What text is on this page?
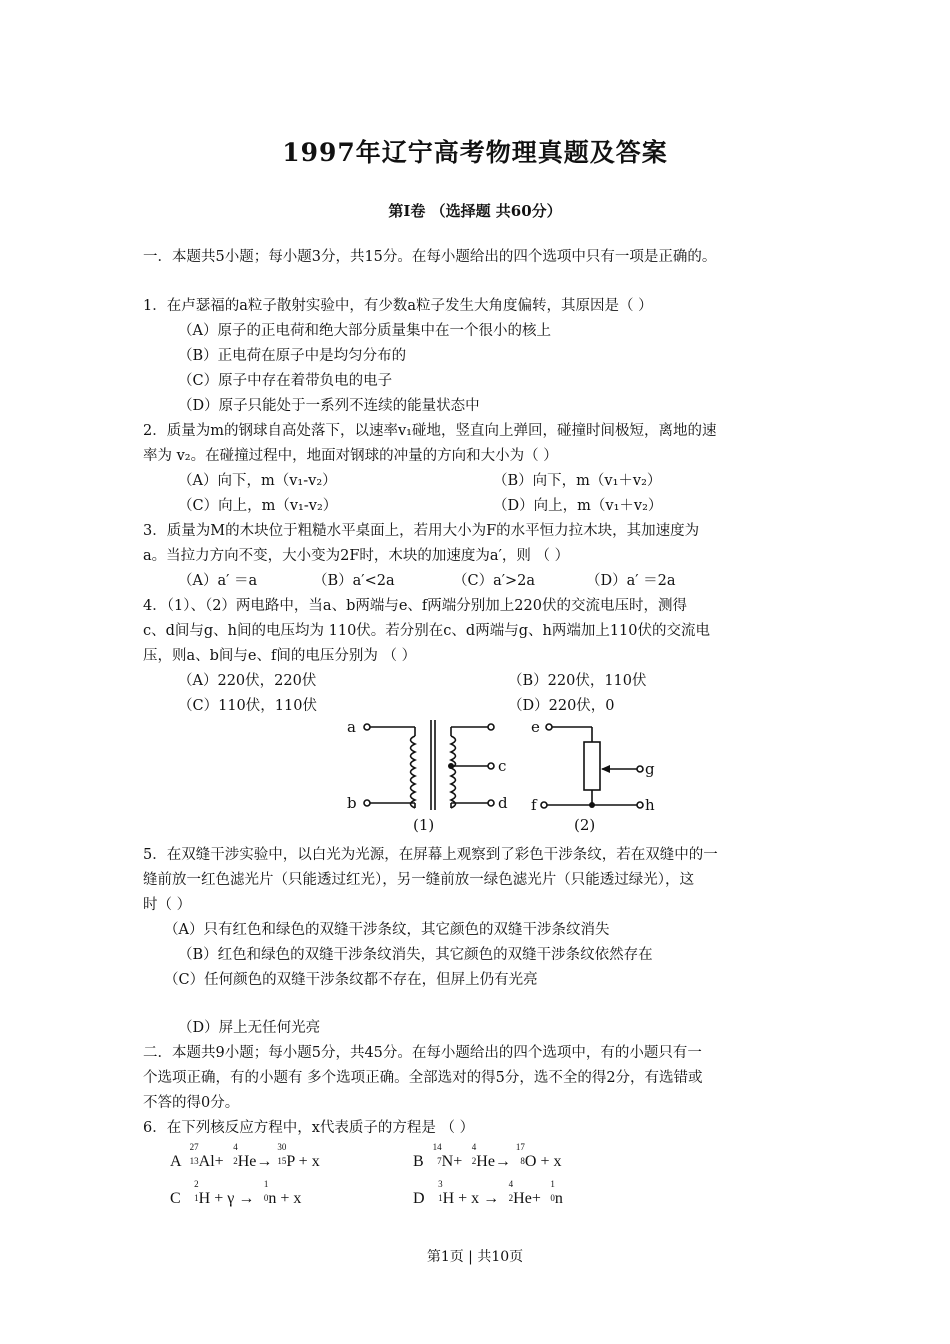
1997年辽宁高考物理真题及答案
第Ⅰ卷 （选择题 共60分）
一．本题共5小题；每小题3分，共15分。在每小题给出的四个选项中只有一项是正确的。
1．在卢瑟福的a粒子散射实验中，有少数a粒子发生大角度偏转，其原因是（ ）
（A）原子的正电荷和绝大部分质量集中在一个很小的核上
（B）正电荷在原子中是均匀分布的
（C）原子中存在着带负电的电子
（D）原子只能处于一系列不连续的能量状态中
2．质量为m的钢球自高处落下，以速率v₁碰地，竖直向上弹回，碰撞时间极短，离地的速
率为 v₂。在碰撞过程中，地面对钢球的冲量的方向和大小为（ ）
（A）向下，m（v₁-v₂）	（B）向下，m（v₁＋v₂）
（C）向上，m（v₁-v₂）	（D）向上，m（v₁＋v₂）
3．质量为M的木块位于粗糙水平桌面上，若用大小为F的水平恒力拉木块，其加速度为
a。当拉力方向不变，大小变为2F时，木块的加速度为a′，则 （ ）
（A）a′ ＝a	（B）a′<2a	（C）a′>2a	（D）a′ ＝2a
4．（1）、（2）两电路中，当a、b两端与e、f两端分别加上220伏的交流电压时，测得
c、d间与g、h间的电压均为 110伏。若分别在c、d两端与g、h两端加上110伏的交流电
压，则a、b间与e、f间的电压分别为 （ ）
（A）220伏，220伏	（B）220伏，110伏
（C）110伏，110伏	（D）220伏，0
a
b
c
d
e
f
g
h
(1)	(2)
5．在双缝干涉实验中，以白光为光源，在屏幕上观察到了彩色干涉条纹，若在双缝中的一
缝前放一红色滤光片（只能透过红光），另一缝前放一绿色滤光片（只能透过绿光），这
时（ ）
（A）只有红色和绿色的双缝干涉条纹，其它颜色的双缝干涉条纹消失
（B）红色和绿色的双缝干涉条纹消失，其它颜色的双缝干涉条纹依然存在
（C）任何颜色的双缝干涉条纹都不存在，但屏上仍有光亮
（D）屏上无任何光亮
二．本题共9小题；每小题5分，共45分。在每小题给出的四个选项中，有的小题只有一
个选项正确，有的小题有 多个选项正确。全部选对的得5分，选不全的得2分，有选错或
不答的得0分。
6．在下列核反应方程中，x代表质子的方程是 （ ）
A
27
13 Al+
4
2 He→
30
15 P + x	B
14
7 N+
4
2 He→
17
8 O + x
C
2
1 H + γ →
1
0 n + x	D
3
1 H + x →
4
2 He+
1
0 n
第1页 | 共10页
